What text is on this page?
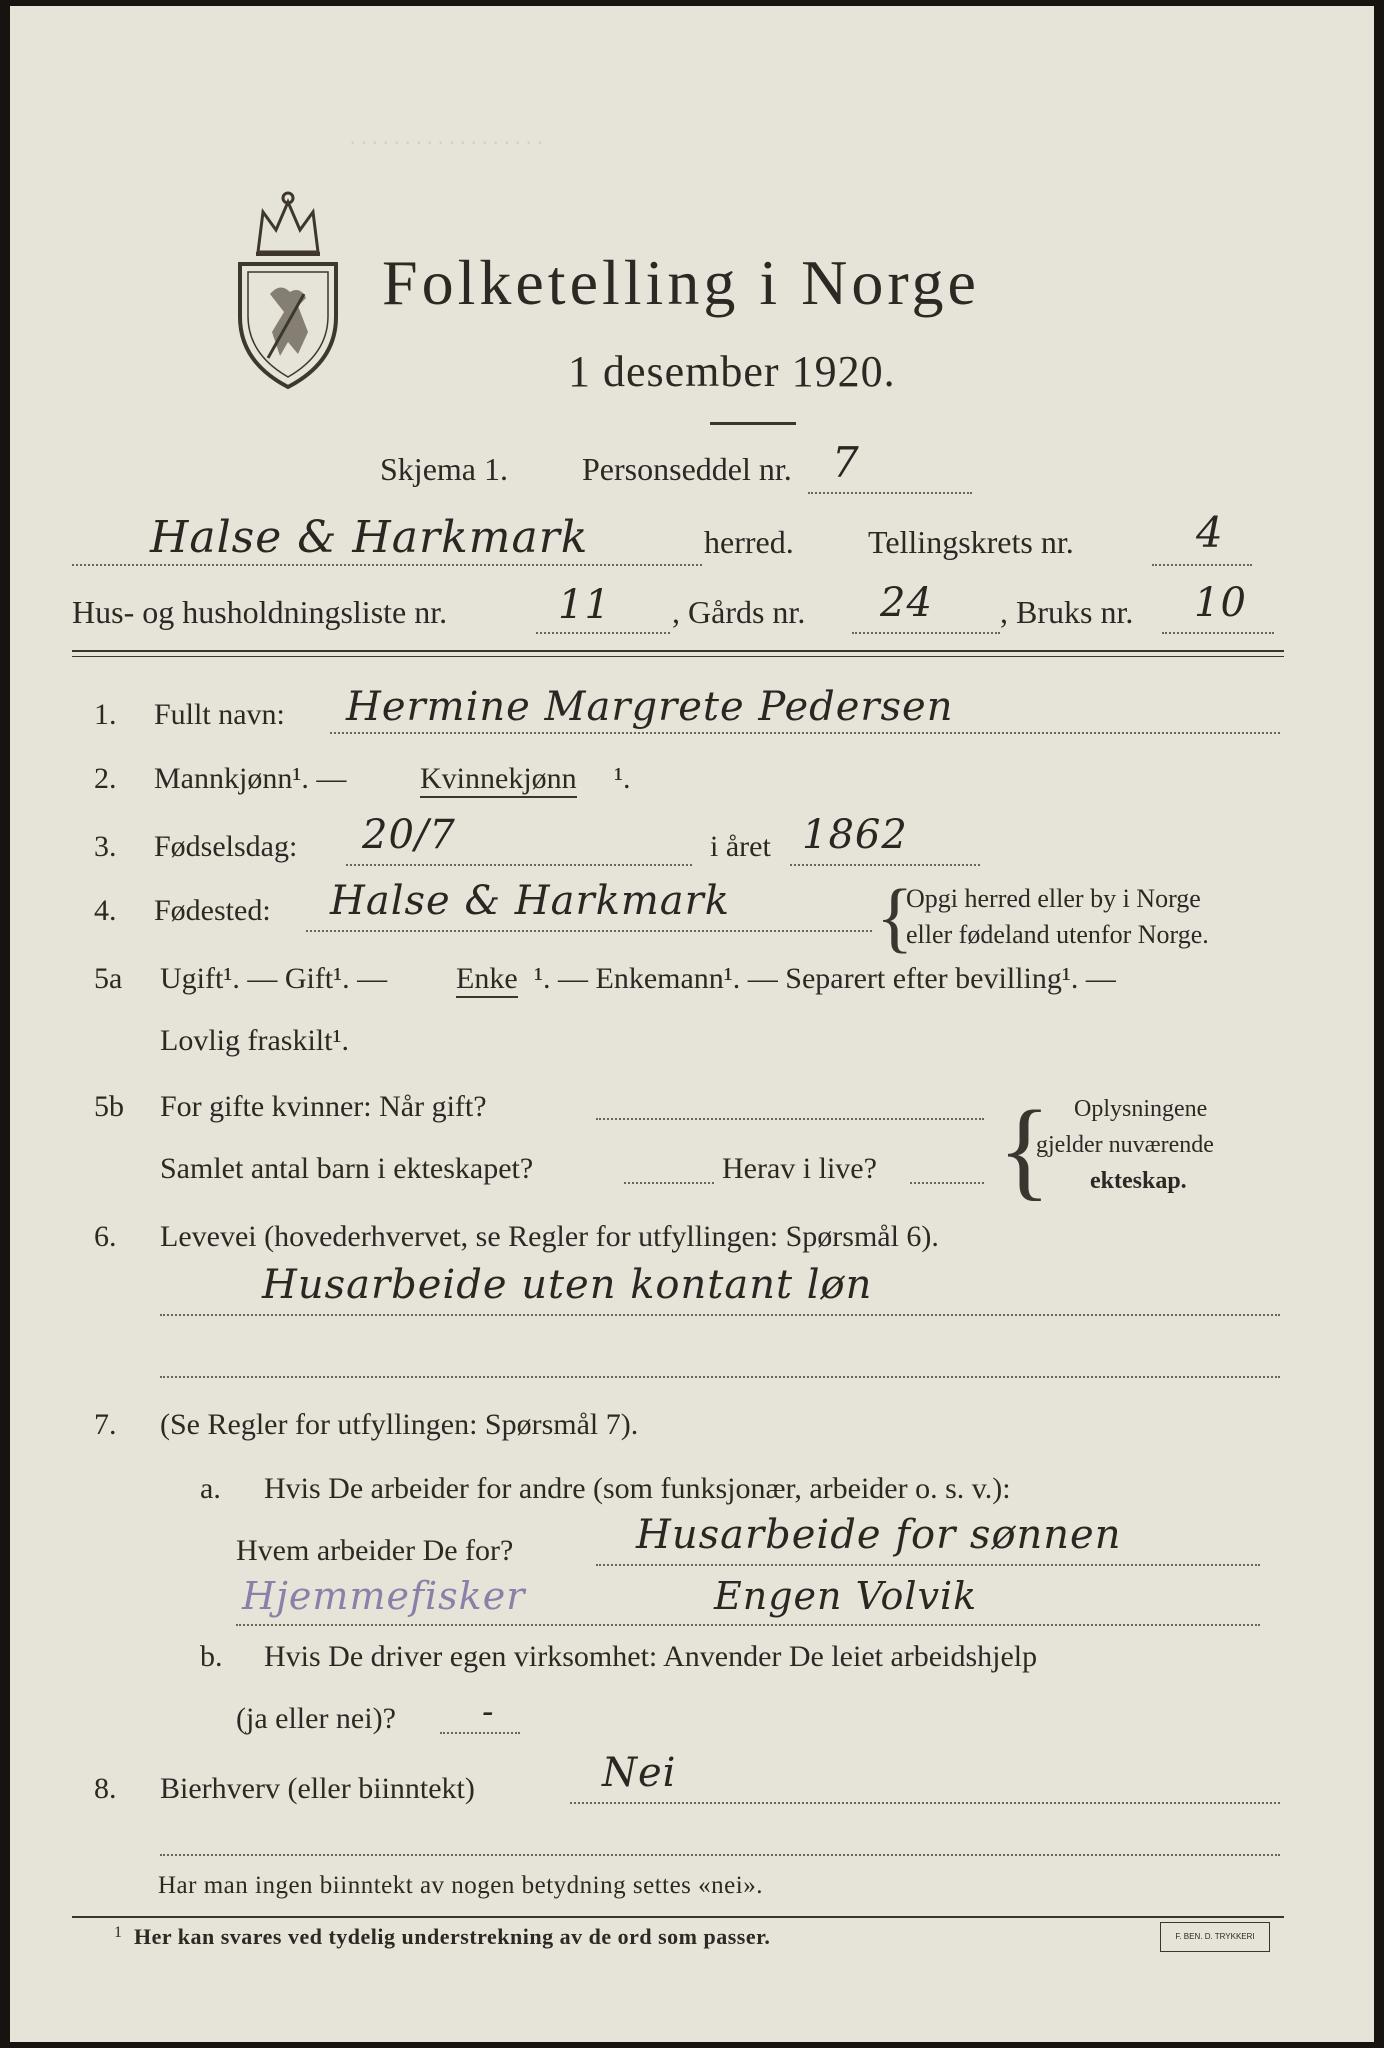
. . . . . . . . . . . . . . . . . .
Folketelling i Norge
1 desember 1920.
Skjema 1. Personseddel nr. 7
Halse & Harkmark	herred. Tellingskrets nr.	4
Hus- og husholdningsliste nr.	11 , Gårds nr. 24 , Bruks nr. 10
1. Fullt navn: Hermine Margrete Pedersen
2. Mannkjønn¹. — Kvinnekjønn ¹.
3. Fødselsdag: 20/7	i året 1862
4. Fødested: Halse & Harkmark {
Opgi herred eller by i Norge
eller fødeland utenfor Norge.
5a Ugift¹. — Gift¹. — Enke ¹. — Enkemann¹. — Separert efter bevilling¹. —
Lovlig fraskilt¹.
5b For gifte kvinner: Når gift?
Samlet antal barn i ekteskapet?	Herav i live? { Oplysningene
gjelder nuværende
ekteskap.
6. Levevei (hovederhvervet, se Regler for utfyllingen: Spørsmål 6).
Husarbeide uten kontant løn
7. (Se Regler for utfyllingen: Spørsmål 7).
a. Hvis De arbeider for andre (som funksjonær, arbeider o. s. v.):
Hvem arbeider De for?	Husarbeide for sønnen
Hjemmefisker	Engen Volvik
b. Hvis De driver egen virksomhet: Anvender De leiet arbeidshjelp
(ja eller nei)?	-
8. Bierhverv (eller biinntekt)	Nei
Har man ingen biinntekt av nogen betydning settes «nei».
1 Her kan svares ved tydelig understrekning av de ord som passer.	F. BEN. D. TRYKKERI
